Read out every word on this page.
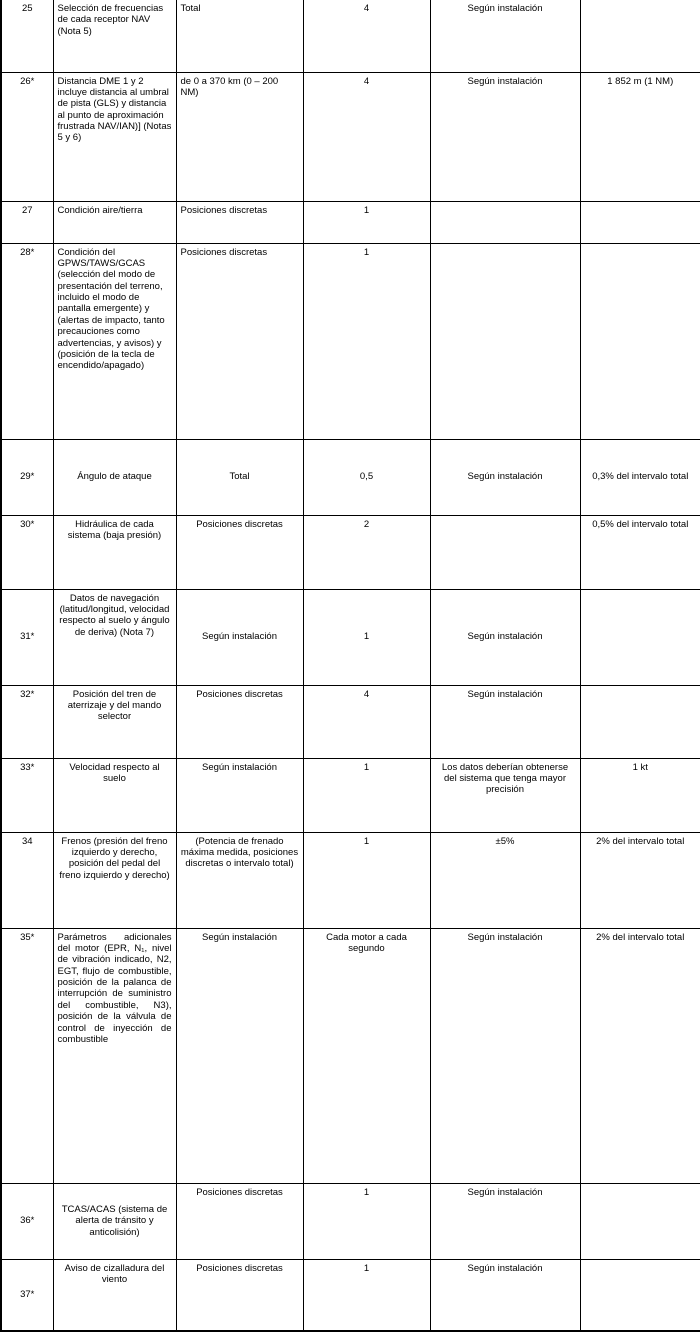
25	Selección de frecuencias de cada receptor NAV (Nota 5)	Total	4	Según instalación	
26*	Distancia DME 1 y 2 incluye distancia al umbral de pista (GLS) y distancia al punto de aproximación frustrada NAV/IAN)] (Notas 5 y 6)	de 0 a 370 km (0 – 200 NM)	4	Según instalación	1 852 m (1 NM)
27	Condición aire/tierra	Posiciones discretas	1		
28*	Condición del GPWS/TAWS/GCAS (selección del modo de presentación del terreno, incluido el modo de pantalla emergente) y (alertas de impacto, tanto precauciones como advertencias, y avisos) y (posición de la tecla de encendido/apagado)	Posiciones discretas	1		
29*	Ángulo de ataque	Total	0,5	Según instalación	0,3% del intervalo total
30*	Hidráulica de cada sistema (baja presión)	Posiciones discretas	2		0,5% del intervalo total
31*	Datos de navegación (latitud/longitud, velocidad respecto al suelo y ángulo de deriva) (Nota 7)	Según instalación	1	Según instalación	
32*	Posición del tren de aterrizaje y del mando selector	Posiciones discretas	4	Según instalación	
33*	Velocidad respecto al suelo	Según instalación	1	Los datos deberían obtenerse del sistema que tenga mayor precisión	1 kt
34	Frenos (presión del freno izquierdo y derecho, posición del pedal del freno izquierdo y derecho)	(Potencia de frenado máxima medida, posiciones discretas o intervalo total)	1	±5%	2% del intervalo total
35*	Parámetros adicionales del motor (EPR, N₁, nivel de vibración indicado, N2, EGT, flujo de combustible, posición de la palanca de interrupción de suministro del combustible, N3), posición de la válvula de control de inyección de combustible	Según instalación	Cada motor a cada segundo	Según instalación	2% del intervalo total
36*	TCAS/ACAS (sistema de alerta de tránsito y anticolisión)	Posiciones discretas	1	Según instalación	
37*	Aviso de cizalladura del viento	Posiciones discretas	1	Según instalación	
